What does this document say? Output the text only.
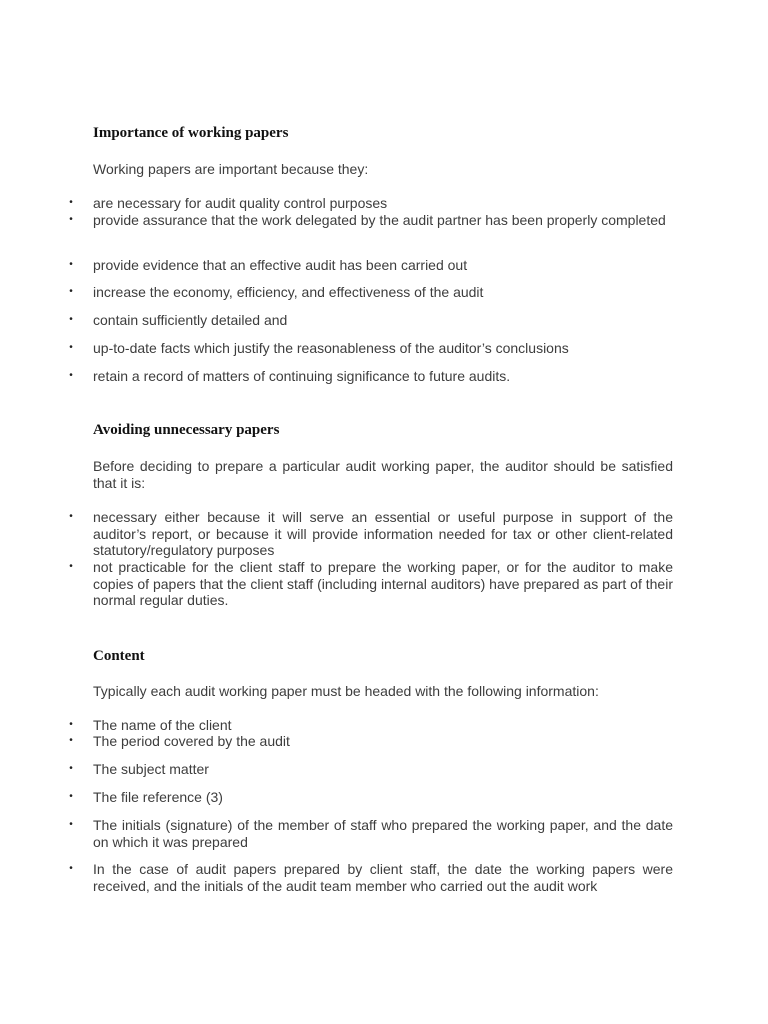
Importance of working papers

Working papers are important because they:

• are necessary for audit quality control purposes
• provide assurance that the work delegated by the audit partner has been properly completed
• provide evidence that an effective audit has been carried out
• increase the economy, efficiency, and effectiveness of the audit
• contain sufficiently detailed and
• up-to-date facts which justify the reasonableness of the auditor’s conclusions
• retain a record of matters of continuing significance to future audits.
Avoiding unnecessary papers

Before deciding to prepare a particular audit working paper, the auditor should be satisfied that it is:

• necessary either because it will serve an essential or useful purpose in support of the auditor’s report, or because it will provide information needed for tax or other client-related statutory/regulatory purposes
• not practicable for the client staff to prepare the working paper, or for the auditor to make copies of papers that the client staff (including internal auditors) have prepared as part of their normal regular duties.
Content

Typically each audit working paper must be headed with the following information:

• The name of the client
• The period covered by the audit
• The subject matter
• The file reference (3)
• The initials (signature) of the member of staff who prepared the working paper, and the date on which it was prepared
• In the case of audit papers prepared by client staff, the date the working papers were received, and the initials of the audit team member who carried out the audit work
